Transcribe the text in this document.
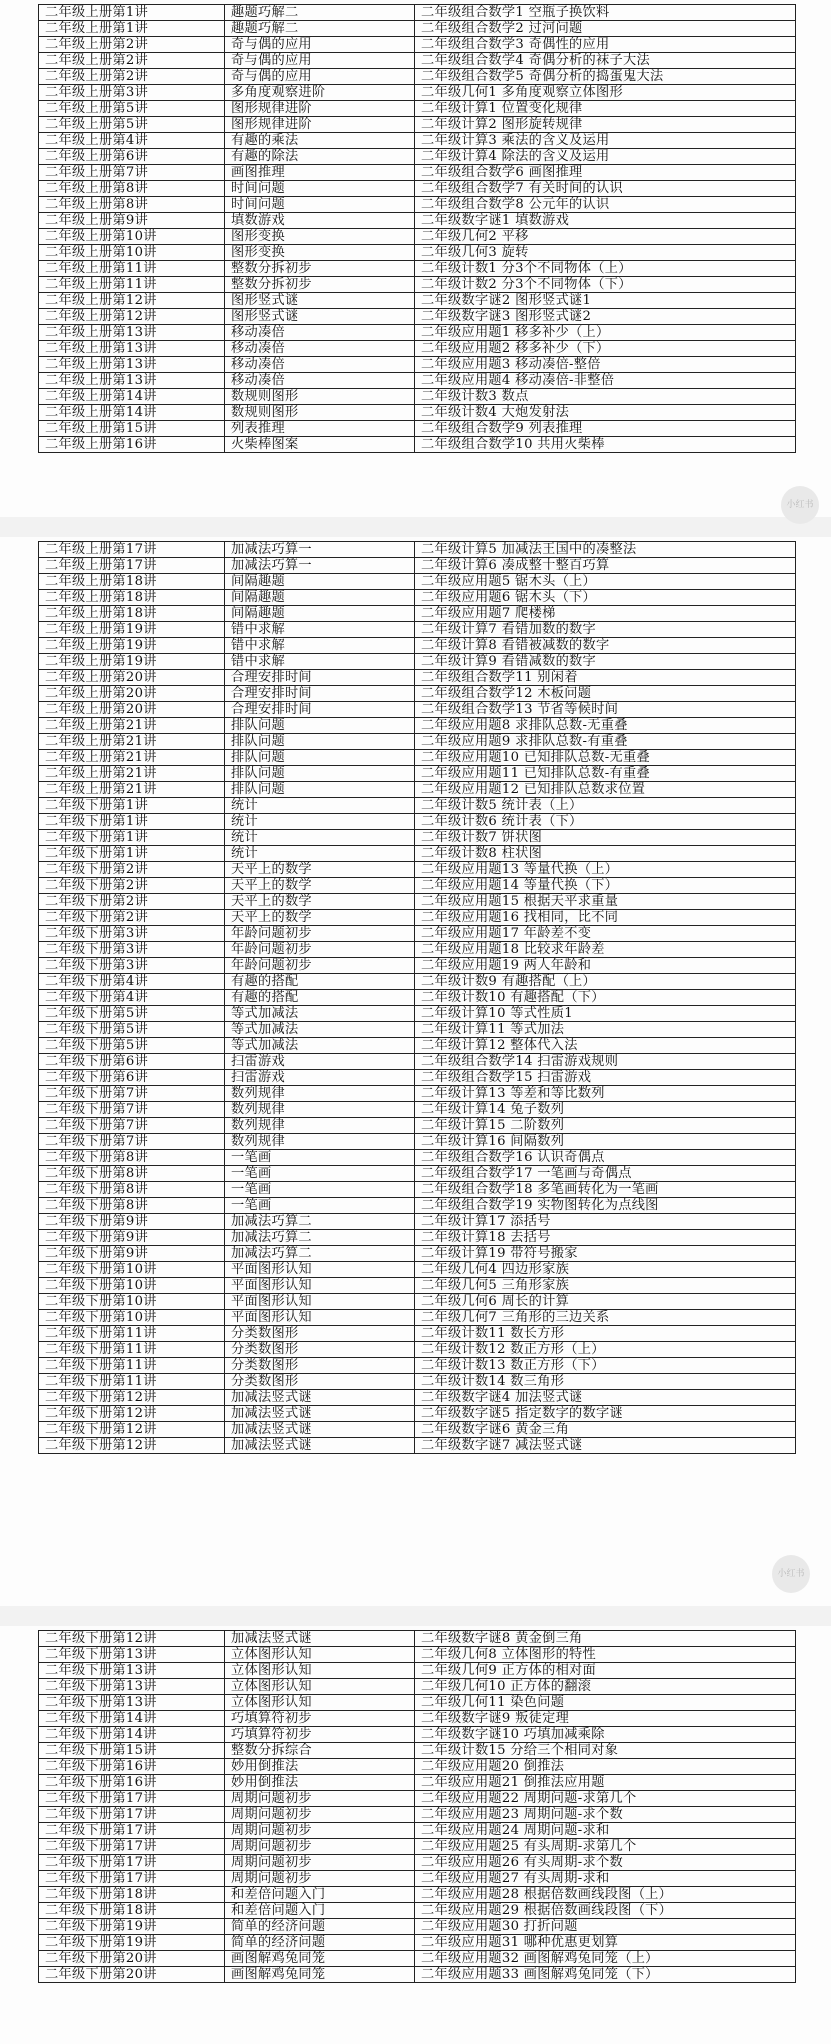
二年级上册第1讲	趣题巧解二	二年级组合数学1 空瓶子换饮料
二年级上册第1讲	趣题巧解二	二年级组合数学2 过河问题
二年级上册第2讲	奇与偶的应用	二年级组合数学3 奇偶性的应用
二年级上册第2讲	奇与偶的应用	二年级组合数学4 奇偶分析的袜子大法
二年级上册第2讲	奇与偶的应用	二年级组合数学5 奇偶分析的捣蛋鬼大法
二年级上册第3讲	多角度观察进阶	二年级几何1 多角度观察立体图形
二年级上册第5讲	图形规律进阶	二年级计算1 位置变化规律
二年级上册第5讲	图形规律进阶	二年级计算2 图形旋转规律
二年级上册第4讲	有趣的乘法	二年级计算3 乘法的含义及运用
二年级上册第6讲	有趣的除法	二年级计算4 除法的含义及运用
二年级上册第7讲	画图推理	二年级组合数学6 画图推理
二年级上册第8讲	时间问题	二年级组合数学7 有关时间的认识
二年级上册第8讲	时间问题	二年级组合数学8 公元年的认识
二年级上册第9讲	填数游戏	二年级数字谜1 填数游戏
二年级上册第10讲	图形变换	二年级几何2 平移
二年级上册第10讲	图形变换	二年级几何3 旋转
二年级上册第11讲	整数分拆初步	二年级计数1 分3个不同物体（上）
二年级上册第11讲	整数分拆初步	二年级计数2 分3个不同物体（下）
二年级上册第12讲	图形竖式谜	二年级数字谜2 图形竖式谜1
二年级上册第12讲	图形竖式谜	二年级数字谜3 图形竖式谜2
二年级上册第13讲	移动凑倍	二年级应用题1 移多补少（上）
二年级上册第13讲	移动凑倍	二年级应用题2 移多补少（下）
二年级上册第13讲	移动凑倍	二年级应用题3 移动凑倍-整倍
二年级上册第13讲	移动凑倍	二年级应用题4 移动凑倍-非整倍
二年级上册第14讲	数规则图形	二年级计数3 数点
二年级上册第14讲	数规则图形	二年级计数4 大炮发射法
二年级上册第15讲	列表推理	二年级组合数学9 列表推理
二年级上册第16讲	火柴棒图案	二年级组合数学10 共用火柴棒
二年级上册第17讲	加减法巧算一	二年级计算5 加减法王国中的凑整法
二年级上册第17讲	加减法巧算一	二年级计算6 凑成整十整百巧算
二年级上册第18讲	间隔趣题	二年级应用题5 锯木头（上）
二年级上册第18讲	间隔趣题	二年级应用题6 锯木头（下）
二年级上册第18讲	间隔趣题	二年级应用题7 爬楼梯
二年级上册第19讲	错中求解	二年级计算7 看错加数的数字
二年级上册第19讲	错中求解	二年级计算8 看错被减数的数字
二年级上册第19讲	错中求解	二年级计算9 看错减数的数字
二年级上册第20讲	合理安排时间	二年级组合数学11 别闲着
二年级上册第20讲	合理安排时间	二年级组合数学12 木板问题
二年级上册第20讲	合理安排时间	二年级组合数学13 节省等候时间
二年级上册第21讲	排队问题	二年级应用题8 求排队总数-无重叠
二年级上册第21讲	排队问题	二年级应用题9 求排队总数-有重叠
二年级上册第21讲	排队问题	二年级应用题10 已知排队总数-无重叠
二年级上册第21讲	排队问题	二年级应用题11 已知排队总数-有重叠
二年级上册第21讲	排队问题	二年级应用题12 已知排队总数求位置
二年级下册第1讲	统计	二年级计数5 统计表（上）
二年级下册第1讲	统计	二年级计数6 统计表（下）
二年级下册第1讲	统计	二年级计数7 饼状图
二年级下册第1讲	统计	二年级计数8 柱状图
二年级下册第2讲	天平上的数学	二年级应用题13 等量代换（上）
二年级下册第2讲	天平上的数学	二年级应用题14 等量代换（下）
二年级下册第2讲	天平上的数学	二年级应用题15 根据天平求重量
二年级下册第2讲	天平上的数学	二年级应用题16 找相同，比不同
二年级下册第3讲	年龄问题初步	二年级应用题17 年龄差不变
二年级下册第3讲	年龄问题初步	二年级应用题18 比较求年龄差
二年级下册第3讲	年龄问题初步	二年级应用题19 两人年龄和
二年级下册第4讲	有趣的搭配	二年级计数9 有趣搭配（上）
二年级下册第4讲	有趣的搭配	二年级计数10 有趣搭配（下）
二年级下册第5讲	等式加减法	二年级计算10 等式性质1
二年级下册第5讲	等式加减法	二年级计算11 等式加法
二年级下册第5讲	等式加减法	二年级计算12 整体代入法
二年级下册第6讲	扫雷游戏	二年级组合数学14 扫雷游戏规则
二年级下册第6讲	扫雷游戏	二年级组合数学15 扫雷游戏
二年级下册第7讲	数列规律	二年级计算13 等差和等比数列
二年级下册第7讲	数列规律	二年级计算14 兔子数列
二年级下册第7讲	数列规律	二年级计算15 二阶数列
二年级下册第7讲	数列规律	二年级计算16 间隔数列
二年级下册第8讲	一笔画	二年级组合数学16 认识奇偶点
二年级下册第8讲	一笔画	二年级组合数学17 一笔画与奇偶点
二年级下册第8讲	一笔画	二年级组合数学18 多笔画转化为一笔画
二年级下册第8讲	一笔画	二年级组合数学19 实物图转化为点线图
二年级下册第9讲	加减法巧算二	二年级计算17 添括号
二年级下册第9讲	加减法巧算二	二年级计算18 去括号
二年级下册第9讲	加减法巧算二	二年级计算19 带符号搬家
二年级下册第10讲	平面图形认知	二年级几何4 四边形家族
二年级下册第10讲	平面图形认知	二年级几何5 三角形家族
二年级下册第10讲	平面图形认知	二年级几何6 周长的计算
二年级下册第10讲	平面图形认知	二年级几何7 三角形的三边关系
二年级下册第11讲	分类数图形	二年级计数11 数长方形
二年级下册第11讲	分类数图形	二年级计数12 数正方形（上）
二年级下册第11讲	分类数图形	二年级计数13 数正方形（下）
二年级下册第11讲	分类数图形	二年级计数14 数三角形
二年级下册第12讲	加减法竖式谜	二年级数字谜4 加法竖式谜
二年级下册第12讲	加减法竖式谜	二年级数字谜5 指定数字的数字谜
二年级下册第12讲	加减法竖式谜	二年级数字谜6 黄金三角
二年级下册第12讲	加减法竖式谜	二年级数字谜7 减法竖式谜
二年级下册第12讲	加减法竖式谜	二年级数字谜8 黄金倒三角
二年级下册第13讲	立体图形认知	二年级几何8 立体图形的特性
二年级下册第13讲	立体图形认知	二年级几何9 正方体的相对面
二年级下册第13讲	立体图形认知	二年级几何10 正方体的翻滚
二年级下册第13讲	立体图形认知	二年级几何11 染色问题
二年级下册第14讲	巧填算符初步	二年级数字谜9 叛徒定理
二年级下册第14讲	巧填算符初步	二年级数字谜10 巧填加减乘除
二年级下册第15讲	整数分拆综合	二年级计数15 分给三个相同对象
二年级下册第16讲	妙用倒推法	二年级应用题20 倒推法
二年级下册第16讲	妙用倒推法	二年级应用题21 倒推法应用题
二年级下册第17讲	周期问题初步	二年级应用题22 周期问题-求第几个
二年级下册第17讲	周期问题初步	二年级应用题23 周期问题-求个数
二年级下册第17讲	周期问题初步	二年级应用题24 周期问题-求和
二年级下册第17讲	周期问题初步	二年级应用题25 有头周期-求第几个
二年级下册第17讲	周期问题初步	二年级应用题26 有头周期-求个数
二年级下册第17讲	周期问题初步	二年级应用题27 有头周期-求和
二年级下册第18讲	和差倍问题入门	二年级应用题28 根据倍数画线段图（上）
二年级下册第18讲	和差倍问题入门	二年级应用题29 根据倍数画线段图（下）
二年级下册第19讲	简单的经济问题	二年级应用题30 打折问题
二年级下册第19讲	简单的经济问题	二年级应用题31 哪种优惠更划算
二年级下册第20讲	画图解鸡兔同笼	二年级应用题32 画图解鸡兔同笼（上）
二年级下册第20讲	画图解鸡兔同笼	二年级应用题33 画图解鸡兔同笼（下）
小红书
小红书
